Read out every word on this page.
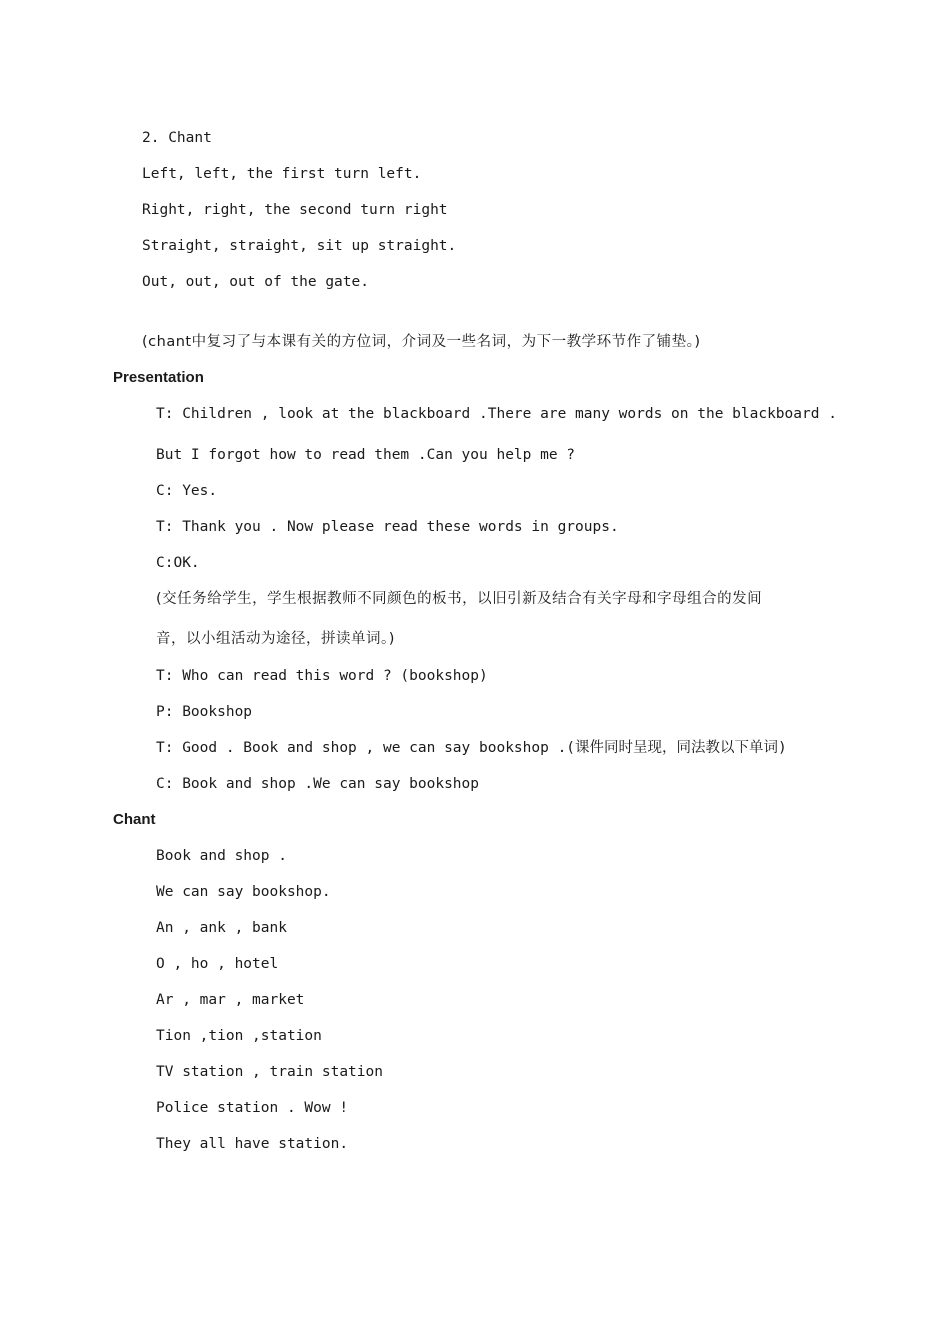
2. Chant
Left, left, the first turn left.
Right, right, the second turn right
Straight, straight, sit up straight.
Out, out, out of the gate.
(chant中复习了与本课有关的方位词，介词及一些名词，为下一教学环节作了铺垫。)
Presentation
T: Children , look at the blackboard .There are many words on the blackboard .
But I forgot how to read them .Can you help me ?
C: Yes.
T: Thank you . Now please read these words in groups.
C:OK.
(交任务给学生，学生根据教师不同颜色的板书，以旧引新及结合有关字母和字母组合的发间
音，以小组活动为途径，拼读单词。)
T: Who can read this word ? (bookshop)
P: Bookshop
T: Good . Book and shop , we can say bookshop .(课件同时呈现，同法教以下单词)
C: Book and shop .We can say bookshop
Chant
Book and shop .
We can say bookshop.
An , ank , bank
O , ho , hotel
Ar , mar , market
Tion ,tion ,station
TV station , train station
Police station . Wow !
They all have station.
